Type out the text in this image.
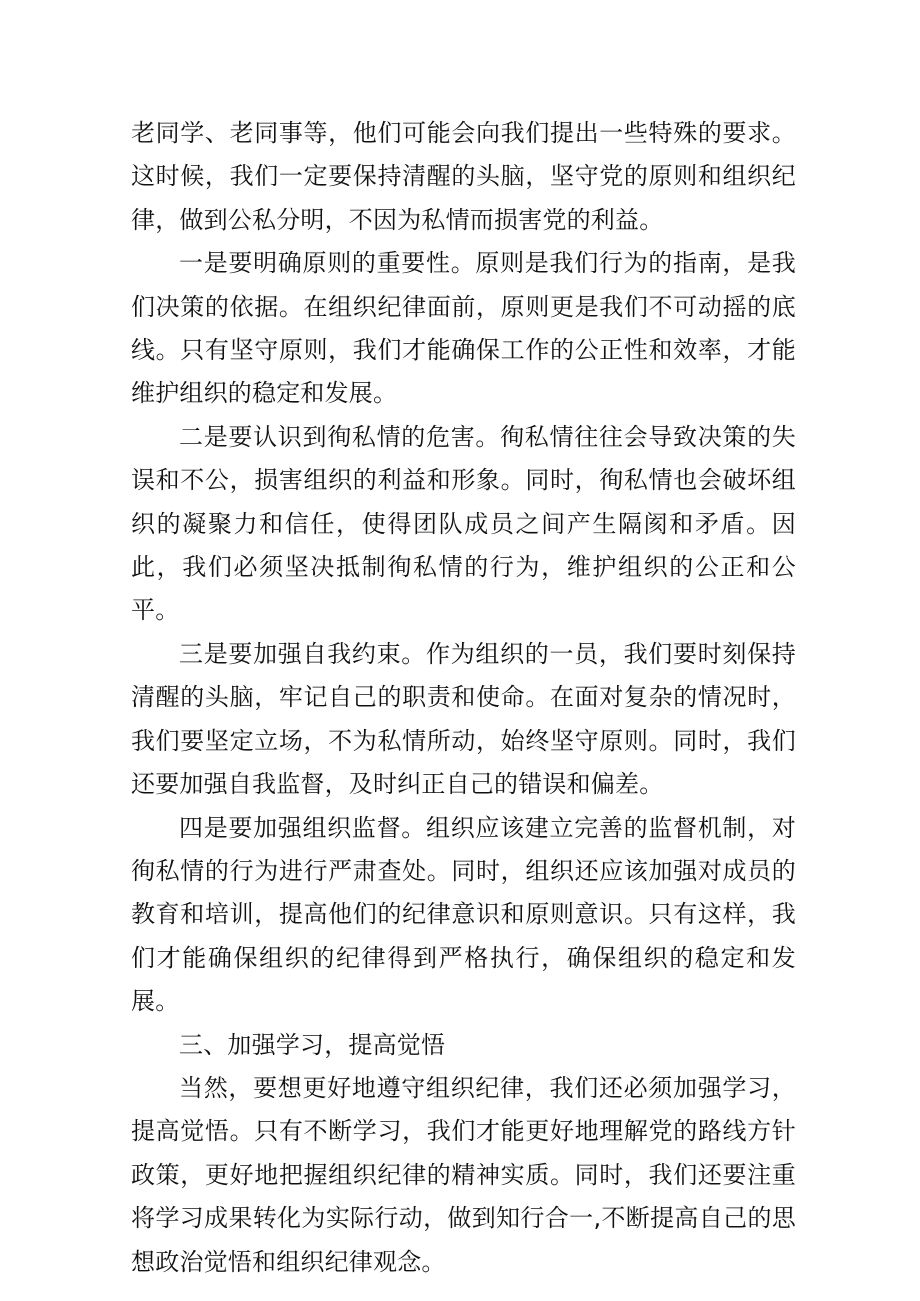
老同学、老同事等，他们可能会向我们提出一些特殊的要求。这时候，我们一定要保持清醒的头脑，坚守党的原则和组织纪律，做到公私分明，不因为私情而损害党的利益。

一是要明确原则的重要性。原则是我们行为的指南，是我们决策的依据。在组织纪律面前，原则更是我们不可动摇的底线。只有坚守原则，我们才能确保工作的公正性和效率，才能维护组织的稳定和发展。

二是要认识到徇私情的危害。徇私情往往会导致决策的失误和不公，损害组织的利益和形象。同时，徇私情也会破坏组织的凝聚力和信任，使得团队成员之间产生隔阂和矛盾。因此，我们必须坚决抵制徇私情的行为，维护组织的公正和公平。

三是要加强自我约束。作为组织的一员，我们要时刻保持清醒的头脑，牢记自己的职责和使命。在面对复杂的情况时，我们要坚定立场，不为私情所动，始终坚守原则。同时，我们还要加强自我监督，及时纠正自己的错误和偏差。

四是要加强组织监督。组织应该建立完善的监督机制，对徇私情的行为进行严肃查处。同时，组织还应该加强对成员的教育和培训，提高他们的纪律意识和原则意识。只有这样，我们才能确保组织的纪律得到严格执行，确保组织的稳定和发展。

三、加强学习，提高觉悟

当然，要想更好地遵守组织纪律，我们还必须加强学习，提高觉悟。只有不断学习，我们才能更好地理解党的路线方针政策，更好地把握组织纪律的精神实质。同时，我们还要注重将学习成果转化为实际行动，做到知行合一,不断提高自己的思想政治觉悟和组织纪律观念。
